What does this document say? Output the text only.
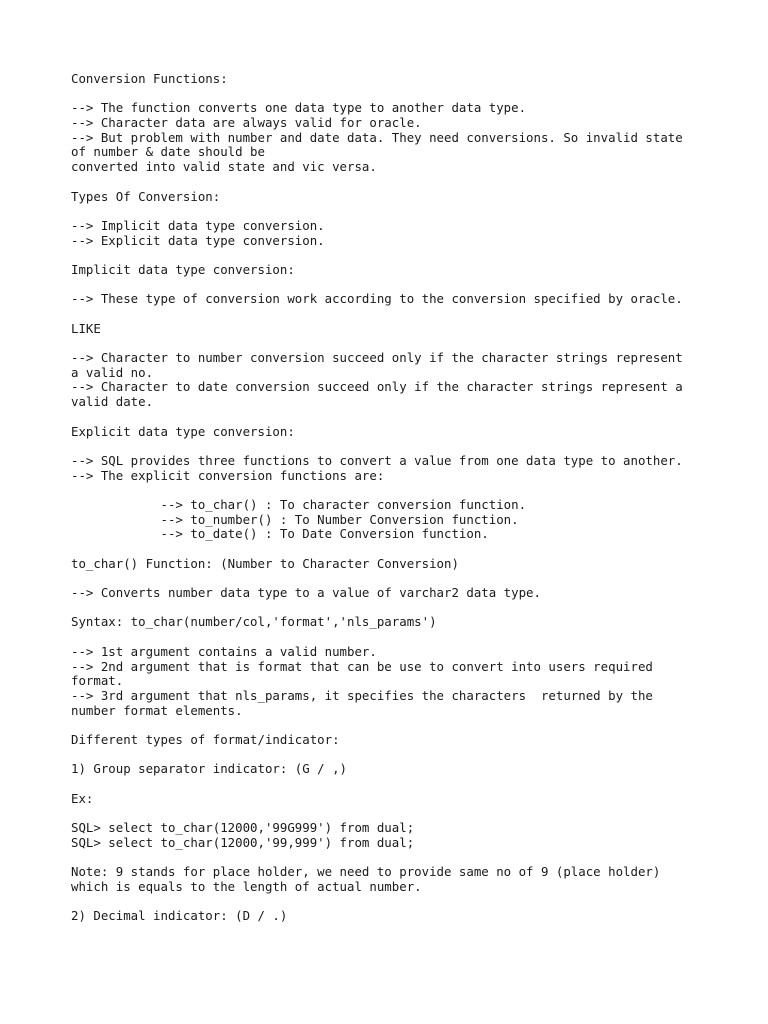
Conversion Functions:
--> The function converts one data type to another data type.
--> Character data are always valid for oracle.
--> But problem with number and date data. They need conversions. So invalid state
of number & date should be
converted into valid state and vic versa.
Types Of Conversion:
--> Implicit data type conversion.
--> Explicit data type conversion.
Implicit data type conversion:
--> These type of conversion work according to the conversion specified by oracle.
LIKE
--> Character to number conversion succeed only if the character strings represent
a valid no.
--> Character to date conversion succeed only if the character strings represent a
valid date.
Explicit data type conversion:
--> SQL provides three functions to convert a value from one data type to another.
--> The explicit conversion functions are:
--> to_char() : To character conversion function.
--> to_number() : To Number Conversion function.
--> to_date() : To Date Conversion function.
to_char() Function: (Number to Character Conversion)
--> Converts number data type to a value of varchar2 data type.
Syntax: to_char(number/col,'format','nls_params')
--> 1st argument contains a valid number.
--> 2nd argument that is format that can be use to convert into users required
format.
--> 3rd argument that nls_params, it specifies the characters  returned by the
number format elements.
Different types of format/indicator:
1) Group separator indicator: (G / ,)
Ex:
SQL> select to_char(12000,'99G999') from dual;
SQL> select to_char(12000,'99,999') from dual;
Note: 9 stands for place holder, we need to provide same no of 9 (place holder)
which is equals to the length of actual number.
2) Decimal indicator: (D / .)
